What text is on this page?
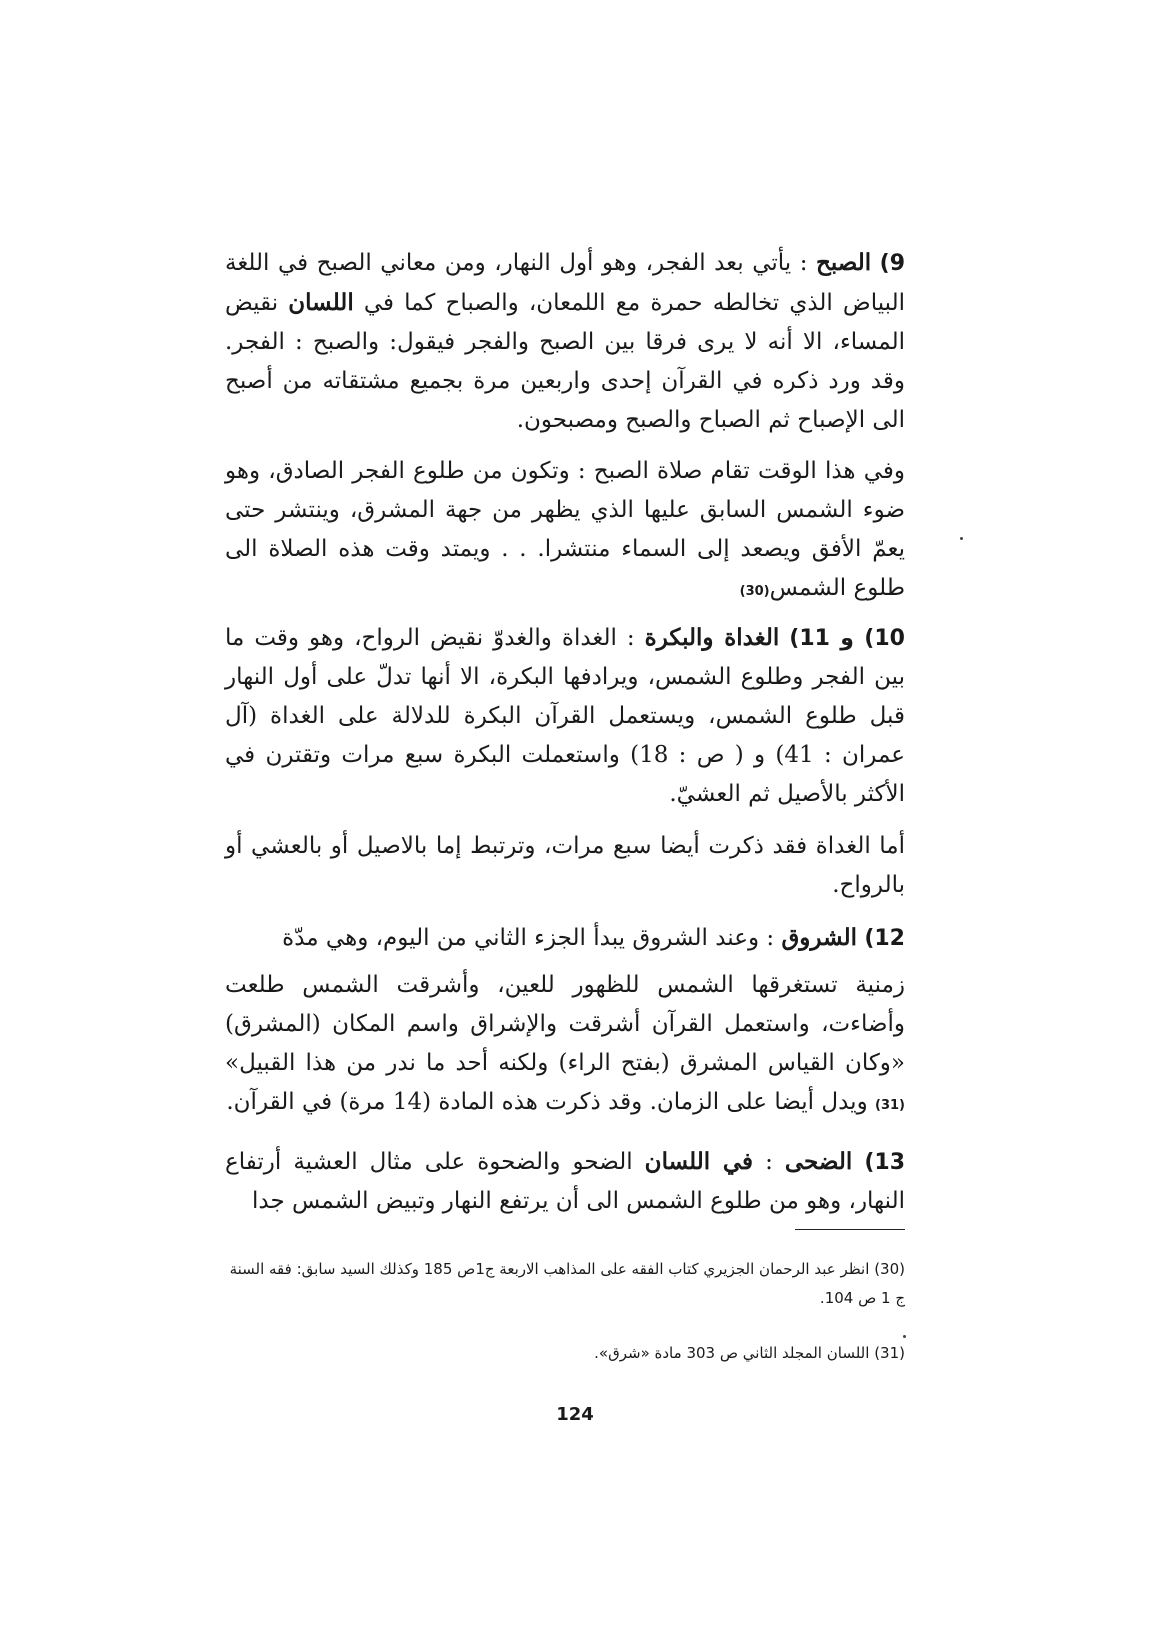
9) الصبح : يأتي بعد الفجر، وهو أول النهار، ومن معاني الصبح في اللغة البياض الذي تخالطه حمرة مع اللمعان، والصباح كما في اللسان نقيض المساء، الا أنه لا يرى فرقا بين الصبح والفجر فيقول: والصبح : الفجر. وقد ورد ذكره في القرآن إحدى واربعين مرة بجميع مشتقاته من أصبح الى الإصباح ثم الصباح والصبح ومصبحون.

وفي هذا الوقت تقام صلاة الصبح : وتكون من طلوع الفجر الصادق، وهو ضوء الشمس السابق عليها الذي يظهر من جهة المشرق، وينتشر حتى يعمّ الأفق ويصعد إلى السماء منتشرا. . . ويمتد وقت هذه الصلاة الى طلوع الشمس(30)

10) و 11) الغداة والبكرة : الغداة والغدوّ نقيض الرواح، وهو وقت ما بين الفجر وطلوع الشمس، ويرادفها البكرة، الا أنها تدلّ على أول النهار قبل طلوع الشمس، ويستعمل القرآن البكرة للدلالة على الغداة (آل عمران : 41) و ( ص : 18) واستعملت البكرة سبع مرات وتقترن في الأكثر بالأصيل ثم العشيّ.

أما الغداة فقد ذكرت أيضا سبع مرات، وترتبط إما بالاصيل أو بالعشي أو بالرواح.

12) الشروق : وعند الشروق يبدأ الجزء الثاني من اليوم، وهي مدّة

زمنية تستغرقها الشمس للظهور للعين، وأشرقت الشمس طلعت وأضاءت، واستعمل القرآن أشرقت والإشراق واسم المكان (المشرق) «وكان القياس المشرق (بفتح الراء) ولكنه أحد ما ندر من هذا القبيل» (31) ويدل أيضا على الزمان. وقد ذكرت هذه المادة (14 مرة) في القرآن.

13) الضحى : في اللسان الضحو والضحوة على مثال العشية أرتفاع النهار، وهو من طلوع الشمس الى أن يرتفع النهار وتبيض الشمس جدا

(30) انظر عبد الرحمان الجزيري كتاب الفقه على المذاهب الاربعة ج1ص 185 وكذلك السيد سابق: فقه السنة ج 1 ص 104.

(31) اللسان المجلد الثاني ص 303 مادة «شرق».

124
